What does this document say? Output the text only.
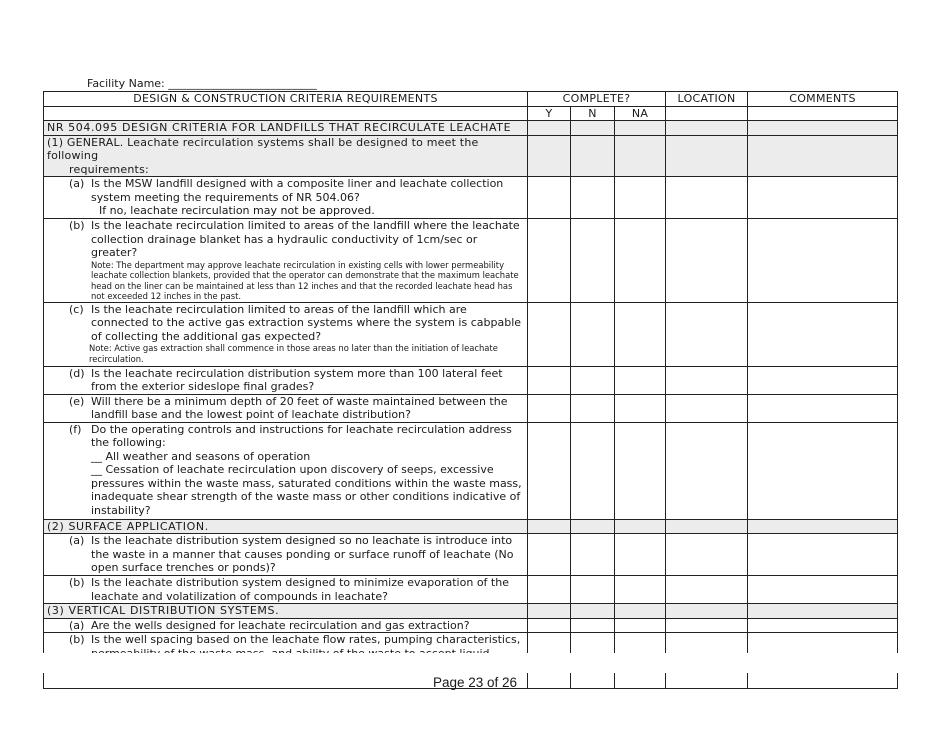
Facility Name: ___________________________
DESIGN & CONSTRUCTION CRITERIA REQUIREMENTS	COMPLETE?			LOCATION	COMMENTS
	Y	N	NA		
NR 504.095 DESIGN CRITERIA FOR LANDFILLS THAT RECIRCULATE LEACHATE					

(1) GENERAL. Leachate recirculation systems shall be designed to meet the following
requirements:					

(a) Is the MSW landfill designed with a composite liner and leachate collection system meeting the requirements of NR 504.06?
If no, leachate recirculation may not be approved.					

(b) Is the leachate recirculation limited to areas of the landfill where the leachate collection drainage blanket has a hydraulic conductivity of 1cm/sec or greater?
Note: The department may approve leachate recirculation in existing cells with lower permeability leachate collection blankets, provided that the operator can demonstrate that the maximum leachate head on the liner can be maintained at less than 12 inches and that the recorded leachate head has not exceeded 12 inches in the past.					

(c) Is the leachate recirculation limited to areas of the landfill which are connected to the active gas extraction systems where the system is cabpable of collecting the additional gas expected?
Note: Active gas extraction shall commence in those areas no later than the initiation of leachate recirculation.					

(d) Is the leachate recirculation distribution system more than 100 lateral feet from the exterior sideslope final grades?					

(e) Will there be a minimum depth of 20 feet of waste maintained between the landfill base and the lowest point of leachate distribution?					

(f) Do the operating controls and instructions for leachate recirculation address the following:
__ All weather and seasons of operation
__ Cessation of leachate recirculation upon discovery of seeps, excessive pressures within the waste mass, saturated conditions within the waste mass, inadequate shear strength of the waste mass or other conditions indicative of instability?					

(2) SURFACE APPLICATION.					

(a) Is the leachate distribution system designed so no leachate is introduce into the waste in a manner that causes ponding or surface runoff of leachate (No open surface trenches or ponds)?					

(b) Is the leachate distribution system designed to minimize evaporation of the leachate and volatilization of compounds in leachate?					

(3) VERTICAL DISTRIBUTION SYSTEMS.					

(a) Are the wells designed for leachate recirculation and gas extraction?					

(b) Is the well spacing based on the leachate flow rates, pumping characteristics,					

Page 23 of 26
